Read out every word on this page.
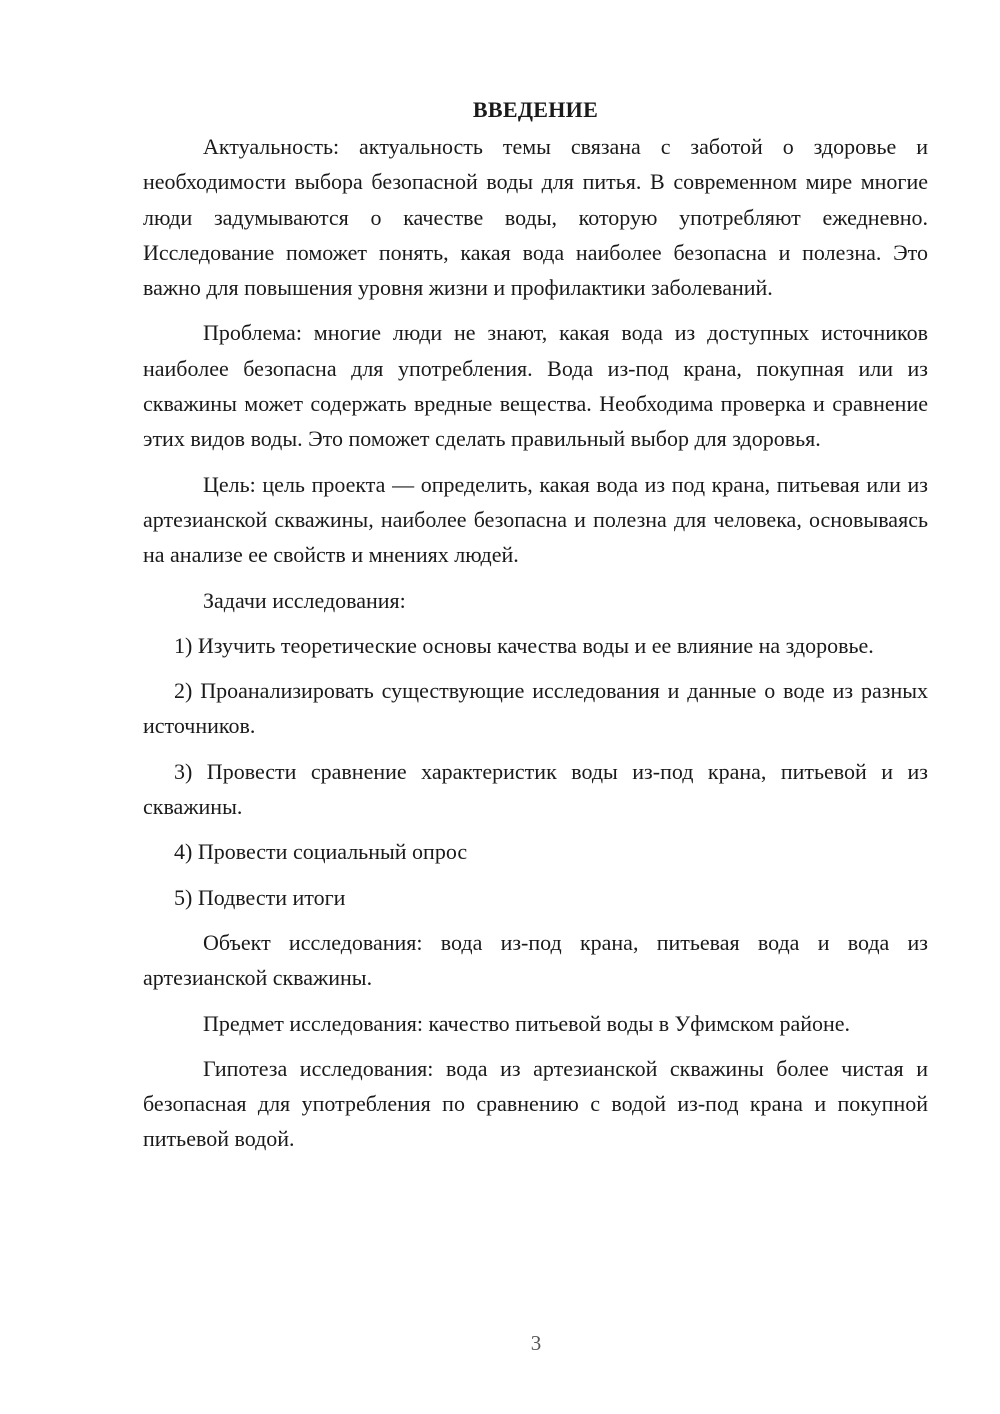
ВВЕДЕНИЕ

Актуальность: актуальность темы связана с заботой о здоровье и необходимости выбора безопасной воды для питья. В современном мире многие люди задумываются о качестве воды, которую употребляют ежедневно. Исследование поможет понять, какая вода наиболее безопасна и полезна. Это важно для повышения уровня жизни и профилактики заболеваний.

Проблема: многие люди не знают, какая вода из доступных источников наиболее безопасна для употребления. Вода из-под крана, покупная или из скважины может содержать вредные вещества. Необходима проверка и сравнение этих видов воды. Это поможет сделать правильный выбор для здоровья.

Цель: цель проекта — определить, какая вода из под крана, питьевая или из артезианской скважины, наиболее безопасна и полезна для человека, основываясь на анализе ее свойств и мнениях людей.

Задачи исследования:

1) Изучить теоретические основы качества воды и ее влияние на здоровье.

2) Проанализировать существующие исследования и данные о воде из разных источников.

3) Провести сравнение характеристик воды из-под крана, питьевой и из скважины.

4) Провести социальный опрос

5) Подвести итоги

Объект исследования: вода из-под крана, питьевая вода и вода из артезианской скважины.

Предмет исследования: качество питьевой воды в Уфимском районе.

Гипотеза исследования: вода из артезианской скважины более чистая и безопасная для употребления по сравнению с водой из-под крана и покупной питьевой водой.

3
